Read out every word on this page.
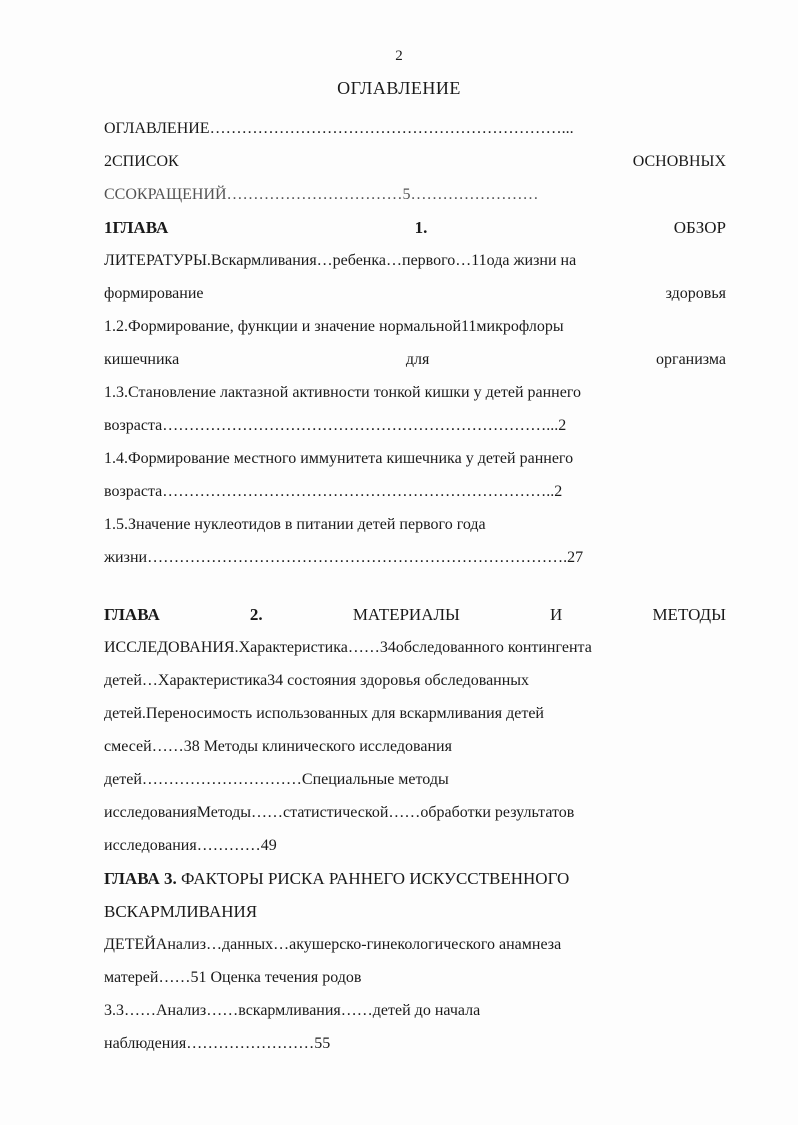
2
ОГЛАВЛЕНИЕ
ОГЛАВЛЕНИЕ…………………………………………………………...
2СПИСОК	ОСНОВНЫХ
ССОКРАЩЕНИЙ……………………………5……………………
1ГЛАВА	1.	ОБЗОР
ЛИТЕРАТУРЫ.Вскармливания…ребенка…первого…11ода жизни на
формирование	здоровья
1.2.Формирование, функции и значение нормальной11микрофлоры
кишечника	для	организма
1.3.Становление лактазной активности тонкой кишки у детей раннего
возраста………………………………………………………………...2
1.4.Формирование местного иммунитета кишечника у детей раннего
возраста………………………………………………………………..2
1.5.Значение нуклеотидов в питании детей первого года
жизни…………………………………………………………………….27
ГЛАВА	2.	МАТЕРИАЛЫ	И	МЕТОДЫ
ИССЛЕДОВАНИЯ.Характеристика……34обследованного контингента
детей…Характеристика34 состояния здоровья обследованных
детей.Переносимость использованных для вскармливания детей
смесей……38 Методы клинического исследования
детей…………………………Специальные методы
исследованияМетоды……статистической……обработки результатов
исследования…………49
ГЛАВА 3. ФАКТОРЫ РИСКА РАННЕГО ИСКУССТВЕННОГО
ВСКАРМЛИВАНИЯ
ДЕТЕЙАнализ…данных…акушерско-гинекологического анамнеза
матерей……51 Оценка течения родов
3.3……Анализ……вскармливания……детей до начала
наблюдения……………………55
